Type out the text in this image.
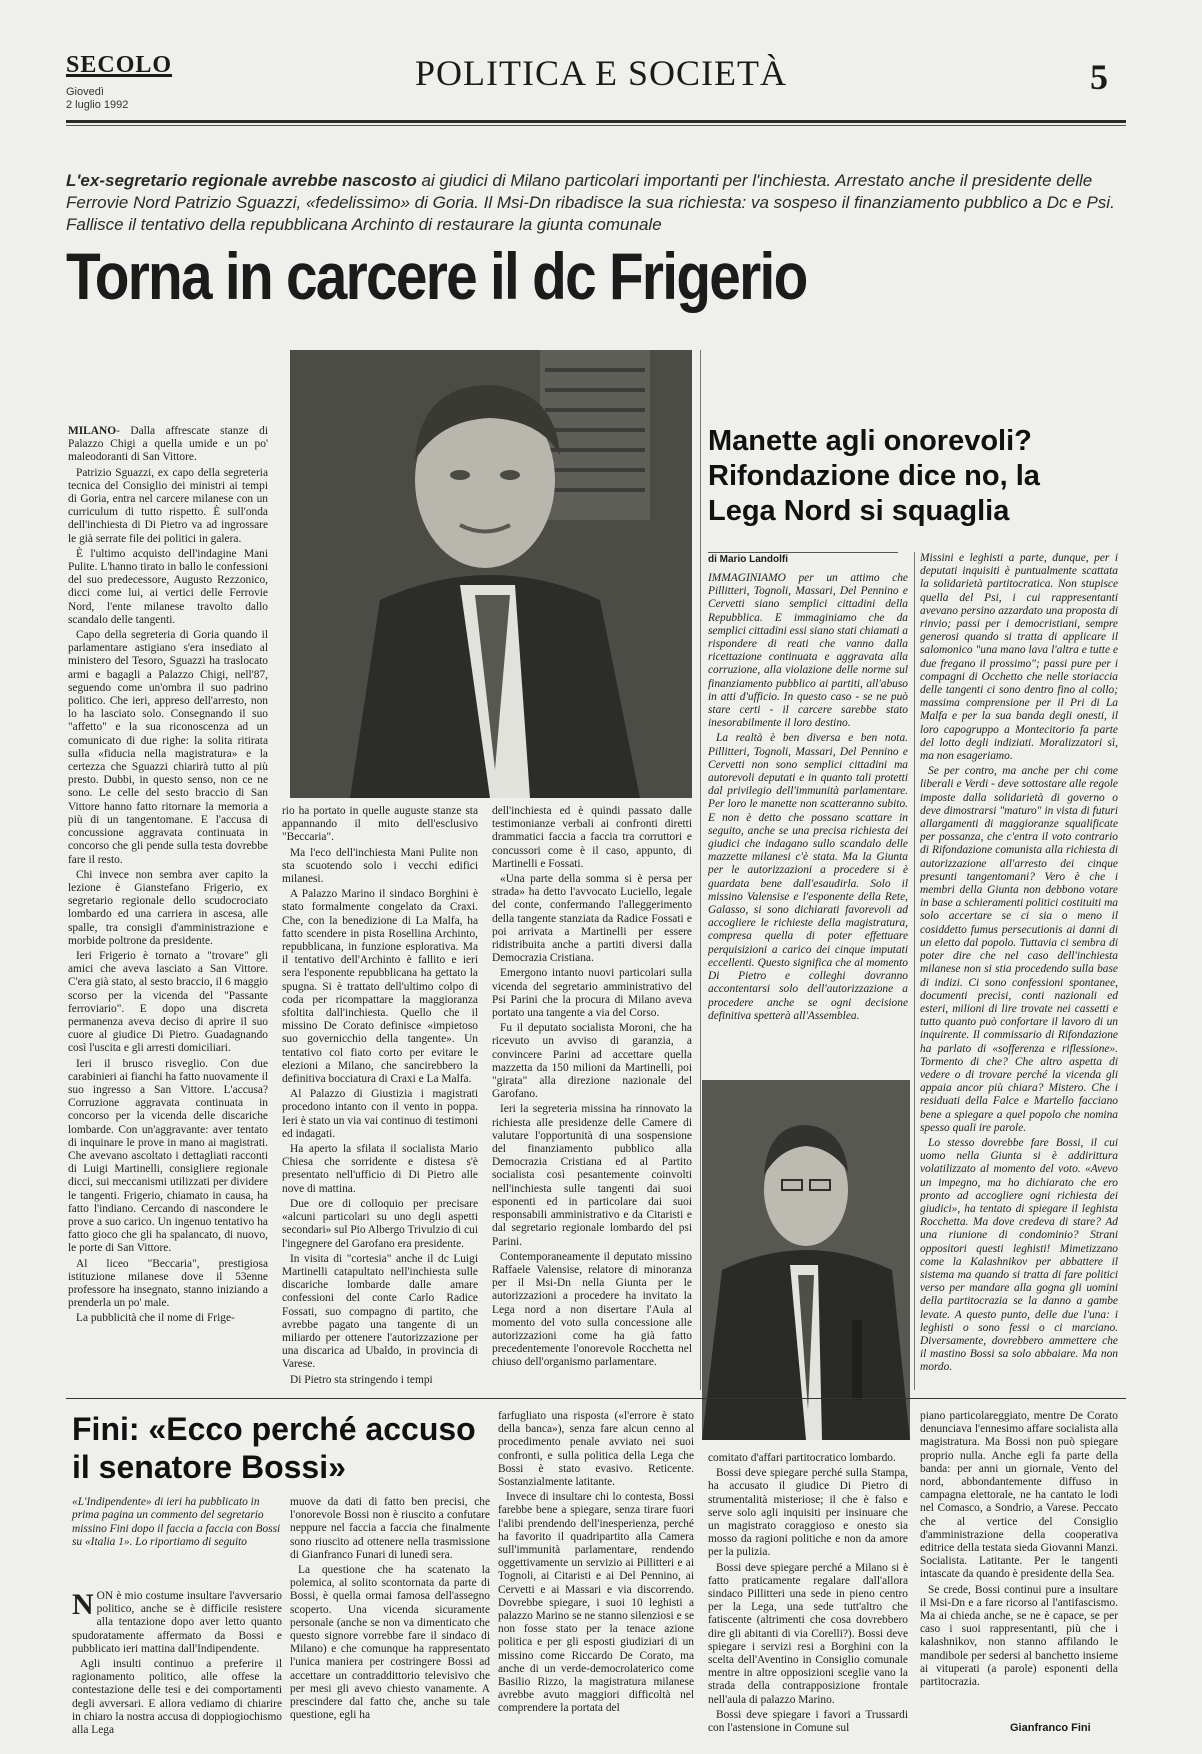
SECOLO
Giovedì
2 luglio 1992
POLITICA E SOCIETÀ	5
L'ex-segretario regionale avrebbe nascosto ai giudici di Milano particolari importanti per l'inchiesta. Arrestato anche il presidente delle Ferrovie Nord Patrizio Sguazzi, «fedelissimo» di Goria. Il Msi-Dn ribadisce la sua richiesta: va sospeso il finanziamento pubblico a Dc e Psi. Fallisce il tentativo della repubblicana Archinto di restaurare la giunta comunale
Torna in carcere il dc Frigerio

MILANO- Dalla affrescate stanze di Palazzo Chigi a quella umide e un po' maleodoranti di San Vittore.

Patrizio Sguazzi, ex capo della segreteria tecnica del Consiglio dei ministri ai tempi di Goria, entra nel carcere milanese con un curriculum di tutto rispetto. È sull'onda dell'inchiesta di Di Pietro va ad ingrossare le già serrate file dei politici in galera.

È l'ultimo acquisto dell'indagine Mani Pulite. L'hanno tirato in ballo le confessioni del suo predecessore, Augusto Rezzonico, dicci come lui, ai vertici delle Ferrovie Nord, l'ente milanese travolto dallo scandalo delle tangenti.

Capo della segreteria di Goria quando il parlamentare astigiano s'era insediato al ministero del Tesoro, Sguazzi ha traslocato armi e bagagli a Palazzo Chigi, nell'87, seguendo come un'ombra il suo padrino politico. Che ieri, appreso dell'arresto, non lo ha lasciato solo. Consegnando il suo "affetto" e la sua riconoscenza ad un comunicato di due righe: la solita ritirata sulla «fiducia nella magistratura» e la certezza che Sguazzi chiarirà tutto al più presto. Dubbi, in questo senso, non ce ne sono. Le celle del sesto braccio di San Vittore hanno fatto ritornare la memoria a più di un tangentomane. E l'accusa di concussione aggravata continuata in concorso che gli pende sulla testa dovrebbe fare il resto.

Chi invece non sembra aver capito la lezione è Gianstefano Frigerio, ex segretario regionale dello scudocrociato lombardo ed una carriera in ascesa, alle spalle, tra consigli d'amministrazione e morbide poltrone da presidente.

Ieri Frigerio è tornato a "trovare" gli amici che aveva lasciato a San Vittore. C'era già stato, al sesto braccio, il 6 maggio scorso per la vicenda del "Passante ferroviario". E dopo una discreta permanenza aveva deciso di aprire il suo cuore al giudice Di Pietro. Guadagnando così l'uscita e gli arresti domiciliari.

Ieri il brusco risveglio. Con due carabinieri ai fianchi ha fatto nuovamente il suo ingresso a San Vittore. L'accusa? Corruzione aggravata continuata in concorso per la vicenda delle discariche lombarde. Con un'aggravante: aver tentato di inquinare le prove in mano ai magistrati. Che avevano ascoltato i dettagliati racconti di Luigi Martinelli, consigliere regionale dicci, sui meccanismi utilizzati per dividere le tangenti. Frigerio, chiamato in causa, ha fatto l'indiano. Cercando di nascondere le prove a suo carico. Un ingenuo tentativo ha fatto gioco che gli ha spalancato, di nuovo, le porte di San Vittore.

Al liceo "Beccaria", prestigiosa istituzione milanese dove il 53enne professore ha insegnato, stanno iniziando a prenderla un po' male.

La pubblicità che il nome di Frige-

rio ha portato in quelle auguste stanze sta appannando il mito dell'esclusivo "Beccaria".

Ma l'eco dell'inchiesta Mani Pulite non sta scuotendo solo i vecchi edifici milanesi.

A Palazzo Marino il sindaco Borghini è stato formalmente congelato da Craxi. Che, con la benedizione di La Malfa, ha fatto scendere in pista Rosellina Archinto, repubblicana, in funzione esplorativa. Ma il tentativo dell'Archinto è fallito e ieri sera l'esponente repubblicana ha gettato la spugna. Si è trattato dell'ultimo colpo di coda per ricompattare la maggioranza sfoltita dall'inchiesta. Quello che il missino De Corato definisce «impietoso suo governicchio della tangente». Un tentativo col fiato corto per evitare le elezioni a Milano, che sancirebbero la definitiva bocciatura di Craxi e La Malfa.

Al Palazzo di Giustizia i magistrati procedono intanto con il vento in poppa. Ieri è stato un via vai continuo di testimoni ed indagati.

Ha aperto la sfilata il socialista Mario Chiesa che sorridente e distesa s'è presentato nell'ufficio di Di Pietro alle nove di mattina.

Due ore di colloquio per precisare «alcuni particolari su uno degli aspetti secondari» sul Pio Albergo Trivulzio di cui l'ingegnere del Garofano era presidente.

In visita di "cortesia" anche il dc Luigi Martinelli catapultato nell'inchiesta sulle discariche lombarde dalle amare confessioni del conte Carlo Radice Fossati, suo compagno di partito, che avrebbe pagato una tangente di un miliardo per ottenere l'autorizzazione per una discarica ad Ubaldo, in provincia di Varese.

Di Pietro sta stringendo i tempi

dell'inchiesta ed è quindi passato dalle testimonianze verbali ai confronti diretti drammatici faccia a faccia tra corruttori e concussori come è il caso, appunto, di Martinelli e Fossati.

«Una parte della somma si è persa per strada» ha detto l'avvocato Luciello, legale del conte, confermando l'alleggerimento della tangente stanziata da Radice Fossati e poi arrivata a Martinelli per essere ridistribuita anche a partiti diversi dalla Democrazia Cristiana.

Emergono intanto nuovi particolari sulla vicenda del segretario amministrativo del Psi Parini che la procura di Milano aveva portato una tangente a via del Corso.

Fu il deputato socialista Moroni, che ha ricevuto un avviso di garanzia, a convincere Parini ad accettare quella mazzetta da 150 milioni da Martinelli, poi "girata" alla direzione nazionale del Garofano.

Ieri la segreteria missina ha rinnovato la richiesta alle presidenze delle Camere di valutare l'opportunità di una sospensione del finanziamento pubblico alla Democrazia Cristiana ed al Partito socialista così pesantemente coinvolti nell'inchiesta sulle tangenti dai suoi esponenti ed in particolare dai suoi responsabili amministrativo e da Citaristi e dal segretario regionale lombardo del psi Parini.

Contemporaneamente il deputato missino Raffaele Valensise, relatore di minoranza per il Msi-Dn nella Giunta per le autorizzazioni a procedere ha invitato la Lega nord a non disertare l'Aula al momento del voto sulla concessione alle autorizzazioni come ha già fatto precedentemente l'onorevole Rocchetta nel chiuso dell'organismo parlamentare.

Manette agli onorevoli? Rifondazione dice no, la Lega Nord si squaglia
di Mario Landolfi

IMMAGINIAMO per un attimo che Pillitteri, Tognoli, Massari, Del Pennino e Cervetti siano semplici cittadini della Repubblica. E immaginiamo che da semplici cittadini essi siano stati chiamati a rispondere di reati che vanno dalla ricettazione continuata e aggravata alla corruzione, alla violazione delle norme sul finanziamento pubblico ai partiti, all'abuso in atti d'ufficio. In questo caso - se ne può stare certi - il carcere sarebbe stato inesorabilmente il loro destino.

La realtà è ben diversa e ben nota. Pillitteri, Tognoli, Massari, Del Pennino e Cervetti non sono semplici cittadini ma autorevoli deputati e in quanto tali protetti dal privilegio dell'immunità parlamentare. Per loro le manette non scatteranno subito. E non è detto che possano scattare in seguito, anche se una precisa richiesta dei giudici che indagano sullo scandalo delle mazzette milanesi c'è stata. Ma la Giunta per le autorizzazioni a procedere si è guardata bene dall'esaudirla. Solo il missino Valensise e l'esponente della Rete, Galasso, si sono dichiarati favorevoli ad accogliere le richieste della magistratura, compresa quella di poter effettuare perquisizioni a carico dei cinque imputati eccellenti. Questo significa che al momento Di Pietro e colleghi dovranno accontentarsi solo dell'autorizzazione a procedere anche se ogni decisione definitiva spetterà all'Assemblea.

Missini e leghisti a parte, dunque, per i deputati inquisiti è puntualmente scattata la solidarietà partitocratica. Non stupisce quella del Psi, i cui rappresentanti avevano persino azzardato una proposta di rinvio; passi per i democristiani, sempre generosi quando si tratta di applicare il salomonico "una mano lava l'altra e tutte e due fregano il prossimo"; passi pure per i compagni di Occhetto che nelle storiaccia delle tangenti ci sono dentro fino al collo; massima comprensione per il Pri di La Malfa e per la sua banda degli onesti, il loro capogruppo a Montecitorio fa parte del lotto degli indiziati. Moralizzatori sì, ma non esageriamo.

Se per contro, ma anche per chi come liberali e Verdi - deve sottostare alle regole imposte dalla solidarietà di governo o deve dimostrarsi "maturo" in vista di futuri allargamenti di maggioranze squalificate per possanza, che c'entra il voto contrario di Rifondazione comunista alla richiesta di autorizzazione all'arresto dei cinque presunti tangentomani? Vero è che i membri della Giunta non debbono votare in base a schieramenti politici costituiti ma solo accertare se ci sia o meno il cosiddetto fumus persecutionis ai danni di un eletto dal popolo. Tuttavia ci sembra di poter dire che nel caso dell'inchiesta milanese non si stia procedendo sulla base di indizi. Ci sono confessioni spontanee, documenti precisi, conti nazionali ed esteri, milioni di lire trovate nei cassetti e tutto quanto può confortare il lavoro di un inquirente. Il commissario di Rifondazione ha parlato di «sofferenza e riflessione». Tormento di che? Che altro aspetta di vedere o di trovare perché la vicenda gli appaia ancor più chiara? Mistero. Che i residuati della Falce e Martello facciano bene a spiegare a quel popolo che nomina spesso quali ire parole.

Lo stesso dovrebbe fare Bossi, il cui uomo nella Giunta si è addirittura volatilizzato al momento del voto. «Avevo un impegno, ma ho dichiarato che ero pronto ad accogliere ogni richiesta dei giudici», ha tentato di spiegare il leghista Rocchetta. Ma dove credeva di stare? Ad una riunione di condominio? Strani oppositori questi leghisti! Mimetizzano come la Kalashnikov per abbattere il sistema ma quando si tratta di fare politici verso per mandare alla gogna gli uomini della partitocrazia se la danno a gambe levate. A questo punto, delle due l'una: i leghisti o sono fessi o ci marciano. Diversamente, dovrebbero ammettere che il mastino Bossi sa solo abbaiare. Ma non mordo.

Fini: «Ecco perché accuso il senatore Bossi»
«L'Indipendente» di ieri ha pubblicato in prima pagina un commento del segretario missino Fini dopo il faccia a faccia con Bossi su «Italia 1». Lo riportiamo di seguito

NON è mio costume insultare l'avversario politico, anche se è difficile resistere alla tentazione dopo aver letto quanto spudoratamente affermato da Bossi e pubblicato ieri mattina dall'Indipendente.

Agli insulti continuo a preferire il ragionamento politico, alle offese la contestazione delle tesi e dei comportamenti degli avversari. E allora vediamo di chiarire in chiaro la nostra accusa di doppiogiochismo alla Lega

muove da dati di fatto ben precisi, che l'onorevole Bossi non è riuscito a confutare neppure nel faccia a faccia che finalmente sono riuscito ad ottenere nella trasmissione di Gianfranco Funari di lunedì sera.

La questione che ha scatenato la polemica, al solito scontornata da parte di Bossi, è quella ormai famosa dell'assegno scoperto. Una vicenda sicuramente personale (anche se non va dimenticato che questo signore vorrebbe fare il sindaco di Milano) e che comunque ha rappresentato l'unica maniera per costringere Bossi ad accettare un contraddittorio televisivo che per mesi gli avevo chiesto vanamente. A prescindere dal fatto che, anche su tale questione, egli ha

farfugliato una risposta («l'errore è stato della banca»), senza fare alcun cenno al procedimento penale avviato nei suoi confronti, e sulla politica della Lega che Bossi è stato evasivo. Reticente. Sostanzialmente latitante.

Invece di insultare chi lo contesta, Bossi farebbe bene a spiegare, senza tirare fuori l'alibi prendendo dell'inesperienza, perché ha favorito il quadripartito alla Camera sull'immunità parlamentare, rendendo oggettivamente un servizio ai Pillitteri e ai Tognoli, ai Citaristi e ai Del Pennino, ai Cervetti e ai Massari e via discorrendo. Dovrebbe spiegare, i suoi 10 leghisti a palazzo Marino se ne stanno silenziosi e se non fosse stato per la tenace azione politica e per gli esposti giudiziari di un missino come Riccardo De Corato, ma anche di un verde-democrolaterico come Basilio Rizzo, la magistratura milanese avrebbe avuto maggiori difficoltà nel comprendere la portata del

comitato d'affari partitocratico lombardo.

Bossi deve spiegare perché sulla Stampa, ha accusato il giudice Di Pietro di strumentalità misteriose; il che è falso e serve solo agli inquisiti per insinuare che un magistrato coraggioso e onesto sia mosso da ragioni politiche e non da amore per la pulizia.

Bossi deve spiegare perché a Milano si è fatto praticamente regalare dall'allora sindaco Pillitteri una sede in pieno centro per la Lega, una sede tutt'altro che fatiscente (altrimenti che cosa dovrebbero dire gli abitanti di via Corelli?). Bossi deve spiegare i servizi resi a Borghini con la scelta dell'Aventino in Consiglio comunale mentre in altre opposizioni sceglie vano la strada della contrapposizione frontale nell'aula di palazzo Marino.

Bossi deve spiegare i favori a Trussardi con l'astensione in Comune sul

piano particolareggiato, mentre De Corato denunciava l'ennesimo affare socialista alla magistratura. Ma Bossi non può spiegare proprio nulla. Anche egli fa parte della banda: per anni un giornale, Vento del nord, abbondantemente diffuso in campagna elettorale, ne ha cantato le lodi nel Comasco, a Sondrio, a Varese. Peccato che al vertice del Consiglio d'amministrazione della cooperativa editrice della testata sieda Giovanni Manzi. Socialista. Latitante. Per le tangenti intascate da quando è presidente della Sea.

Se crede, Bossi continui pure a insultare il Msi-Dn e a fare ricorso al l'antifascismo. Ma ai chieda anche, se ne è capace, se per caso i suoi rappresentanti, più che i kalashnikov, non stanno affilando le mandibole per sedersi al banchetto insieme ai vituperati (a parole) esponenti della partitocrazia.

Gianfranco Fini
